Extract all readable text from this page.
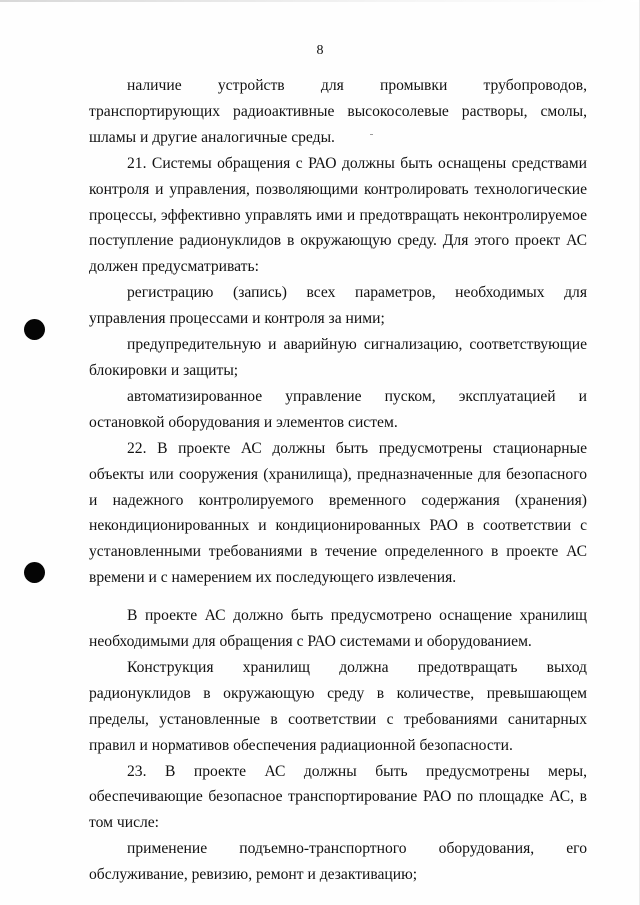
8

наличие устройств для промывки трубопроводов, транспортирующих радиоактивные высокосолевые растворы, смолы, шламы и другие аналогичные среды.

21. Системы обращения с РАО должны быть оснащены средствами контроля и управления, позволяющими контролировать технологические процессы, эффективно управлять ими и предотвращать неконтролируемое поступление радионуклидов в окружающую среду. Для этого проект АС должен предусматривать:

регистрацию (запись) всех параметров, необходимых для управления процессами и контроля за ними;

предупредительную и аварийную сигнализацию, соответствующие блокировки и защиты;

автоматизированное управление пуском, эксплуатацией и остановкой оборудования и элементов систем.

22. В проекте АС должны быть предусмотрены стационарные объекты или сооружения (хранилища), предназначенные для безопасного и надежного контролируемого временного содержания (хранения) некондиционированных и кондиционированных РАО в соответствии с установленными требованиями в течение определенного в проекте АС времени и с намерением их последующего извлечения.

В проекте АС должно быть предусмотрено оснащение хранилищ необходимыми для обращения с РАО системами и оборудованием.

Конструкция хранилищ должна предотвращать выход радионуклидов в окружающую среду в количестве, превышающем пределы, установленные в соответствии с требованиями санитарных правил и нормативов обеспечения радиационной безопасности.

23. В проекте АС должны быть предусмотрены меры, обеспечивающие безопасное транспортирование РАО по площадке АС, в том числе:

применение подъемно-транспортного оборудования, его обслуживание, ревизию, ремонт и дезактивацию;
